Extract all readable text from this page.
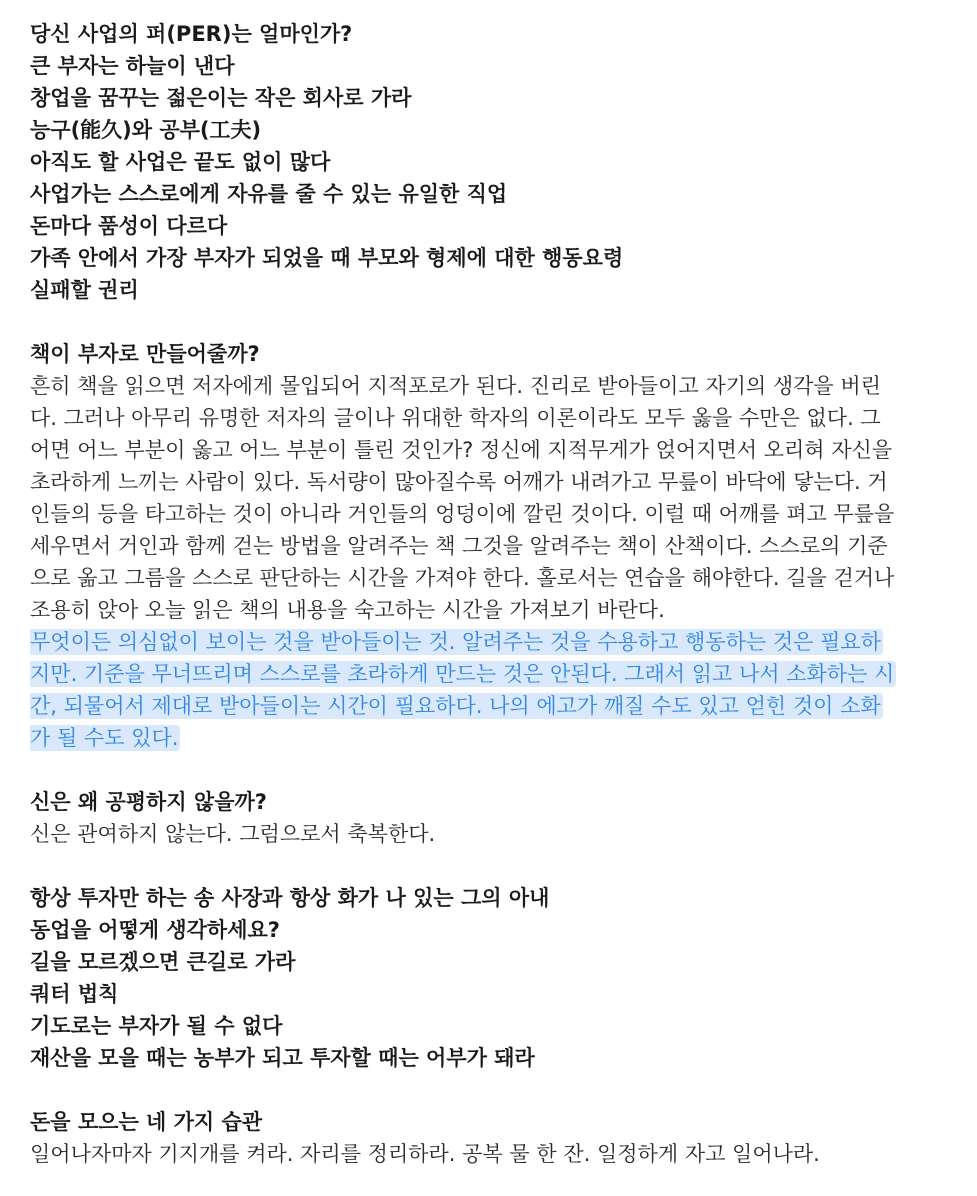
당신 사업의 퍼(PER)는 얼마인가?
큰 부자는 하늘이 낸다
창업을 꿈꾸는 젊은이는 작은 회사로 가라
능구(能久)와 공부(工夫)
아직도 할 사업은 끝도 없이 많다
사업가는 스스로에게 자유를 줄 수 있는 유일한 직업
돈마다 품성이 다르다
가족 안에서 가장 부자가 되었을 때 부모와 형제에 대한 행동요령
실패할 권리
책이 부자로 만들어줄까?
흔히 책을 읽으면 저자에게 몰입되어 지적포로가 된다. 진리로 받아들이고 자기의 생각을 버린
다. 그러나 아무리 유명한 저자의 글이나 위대한 학자의 이론이라도 모두 옳을 수만은 없다. 그
어면 어느 부분이 옳고 어느 부분이 틀린 것인가? 정신에 지적무게가 얹어지면서 오리혀 자신을
초라하게 느끼는 사람이 있다. 독서량이 많아질수록 어깨가 내려가고 무릎이 바닥에 닿는다. 거
인들의 등을 타고하는 것이 아니라 거인들의 엉덩이에 깔린 것이다. 이럴 때 어깨를 펴고 무릎을
세우면서 거인과 함께 걷는 방법을 알려주는 책 그것을 알려주는 책이 산책이다. 스스로의 기준
으로 옮고 그름을 스스로 판단하는 시간을 가져야 한다. 홀로서는 연습을 해야한다. 길을 걷거나
조용히 앉아 오늘 읽은 책의 내용을 숙고하는 시간을 가져보기 바란다.
무엇이든 의심없이 보이는 것을 받아들이는 것. 알려주는 것을 수용하고 행동하는 것은 필요하
지만. 기준을 무너뜨리며 스스로를 초라하게 만드는 것은 안된다. 그래서 읽고 나서 소화하는 시
간, 되물어서 제대로 받아들이는 시간이 필요하다. 나의 에고가 깨질 수도 있고 얻힌 것이 소화
가 될 수도 있다.
신은 왜 공평하지 않을까?
신은 관여하지 않는다. 그럼으로서 축복한다.
항상 투자만 하는 송 사장과 항상 화가 나 있는 그의 아내
동업을 어떻게 생각하세요?
길을 모르겠으면 큰길로 가라
쿼터 법칙
기도로는 부자가 될 수 없다
재산을 모을 때는 농부가 되고 투자할 때는 어부가 돼라
돈을 모으는 네 가지 습관
일어나자마자 기지개를 켜라. 자리를 정리하라. 공복 물 한 잔. 일정하게 자고 일어나라.
